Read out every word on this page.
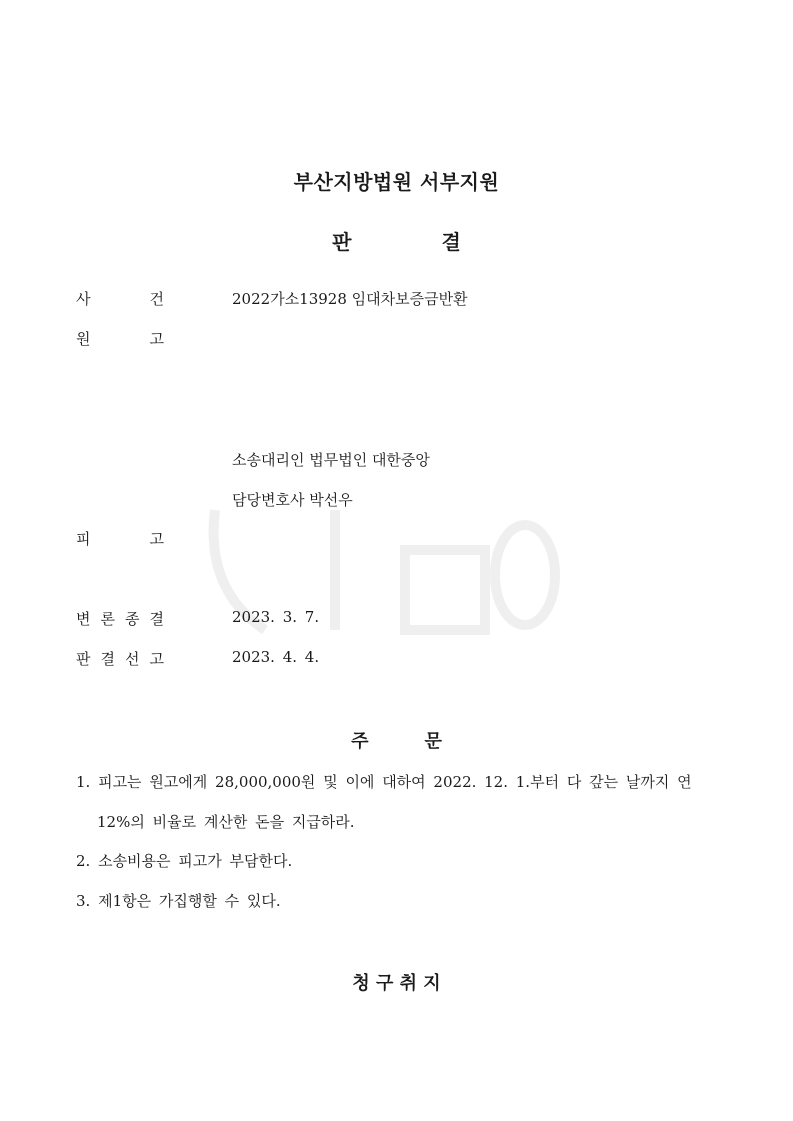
부산지방법원 서부지원
판	결
사	건	2022가소13928 임대차보증금반환
원	고
소송대리인 법무법인 대한중앙
담당변호사 박선우
피	고
변 론 종 결	2023. 3. 7.
판 결 선 고	2023. 4. 4.
주	문
1. 피고는 원고에게 28,000,000원 및 이에 대하여 2022. 12. 1.부터 다 갚는 날까지 연
12%의 비율로 계산한 돈을 지급하라.
2. 소송비용은 피고가 부담한다.
3. 제1항은 가집행할 수 있다.
청 구 취 지
